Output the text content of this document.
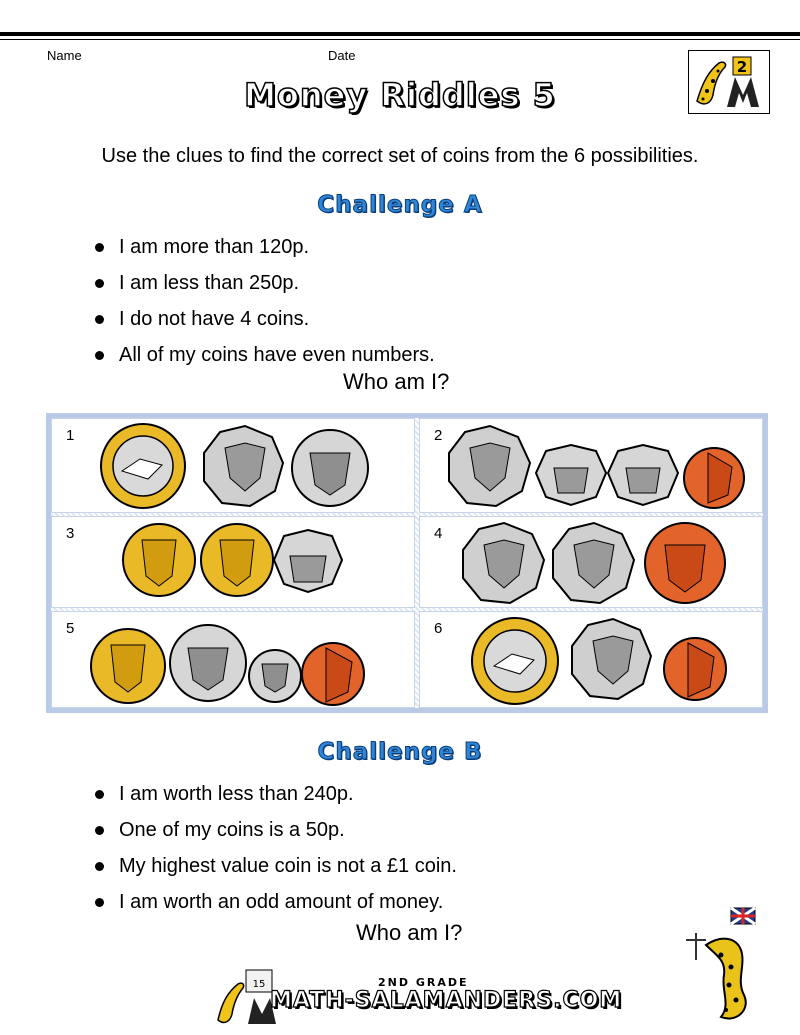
Name	Date
2
Money Riddles 5
Use the clues to find the correct set of coins from the 6 possibilities.
Challenge A
I am more than 120p.
I am less than 250p.
I do not have 4 coins.
All of my coins have even numbers.
Who am I?
1	2
3	4
5	6
Challenge B
I am worth less than 240p.
One of my coins is a 50p.
My highest value coin is not a £1 coin.
I am worth an odd amount of money.
Who am I?
15	2ND GRADE
MATH-SALAMANDERS.COM
